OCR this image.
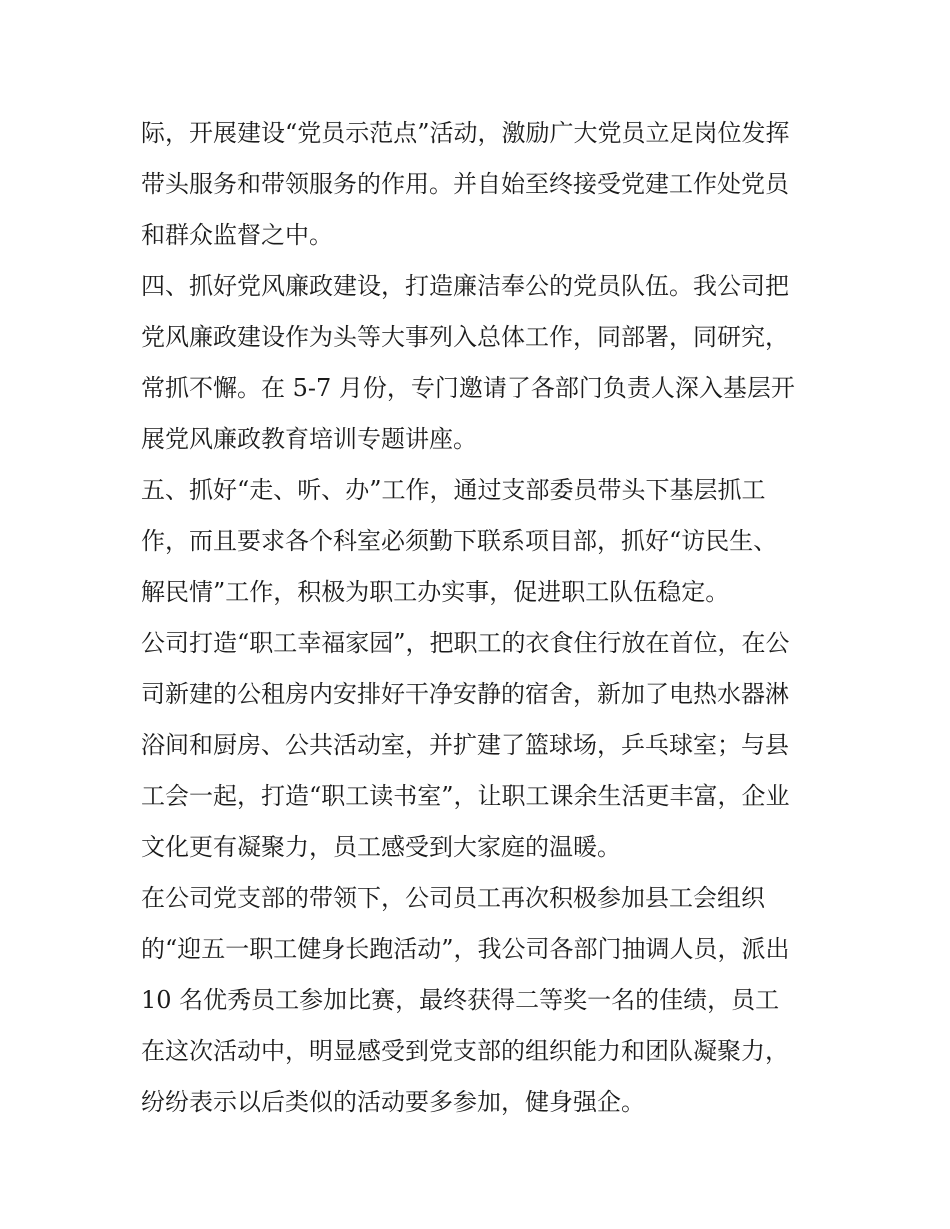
际，开展建设“党员示范点”活动，激励广大党员立足岗位发挥
带头服务和带领服务的作用。并自始至终接受党建工作处党员
和群众监督之中。
四、抓好党风廉政建设，打造廉洁奉公的党员队伍。我公司把
党风廉政建设作为头等大事列入总体工作，同部署，同研究，
常抓不懈。在 5-7 月份，专门邀请了各部门负责人深入基层开
展党风廉政教育培训专题讲座。
五、抓好“走、听、办”工作，通过支部委员带头下基层抓工
作，而且要求各个科室必须勤下联系项目部，抓好“访民生、
解民情”工作，积极为职工办实事，促进职工队伍稳定。
公司打造“职工幸福家园”，把职工的衣食住行放在首位，在公
司新建的公租房内安排好干净安静的宿舍，新加了电热水器淋
浴间和厨房、公共活动室，并扩建了篮球场，乒乓球室；与县
工会一起，打造“职工读书室”，让职工课余生活更丰富，企业
文化更有凝聚力，员工感受到大家庭的温暖。
在公司党支部的带领下，公司员工再次积极参加县工会组织
的“迎五一职工健身长跑活动”，我公司各部门抽调人员，派出
10 名优秀员工参加比赛，最终获得二等奖一名的佳绩，员工
在这次活动中，明显感受到党支部的组织能力和团队凝聚力，
纷纷表示以后类似的活动要多参加，健身强企。
